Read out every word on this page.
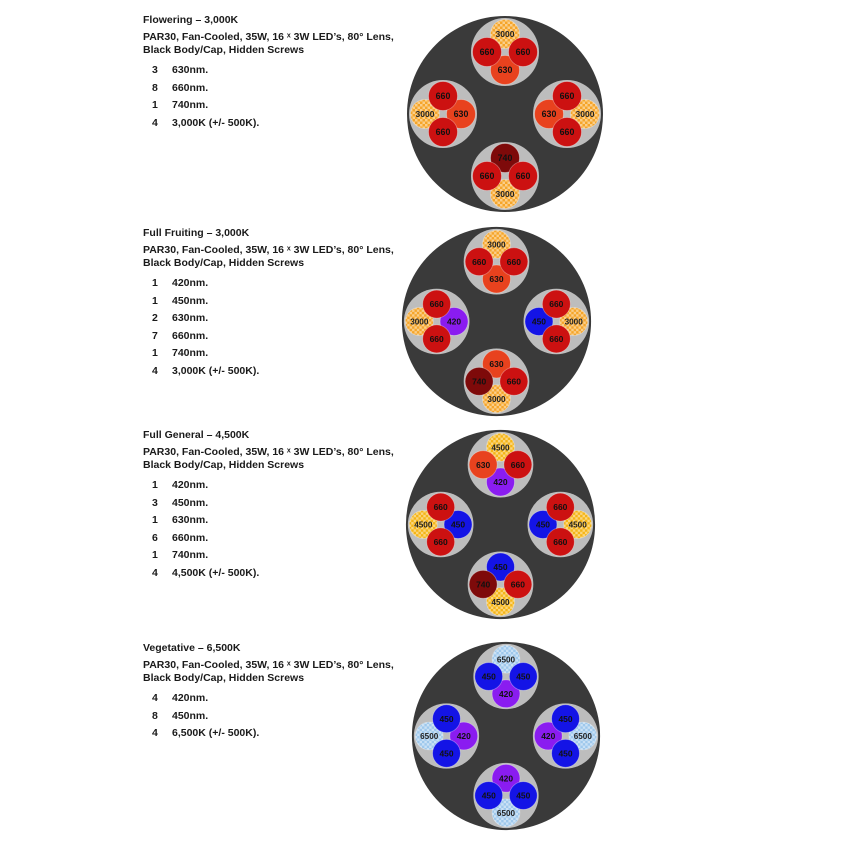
Flowering – 3,000K
PAR30, Fan-Cooled, 35W, 16 ˣ 3W LED’s, 80° Lens,
Black Body/Cap, Hidden Screws
3 630nm.
8 660nm.
1 740nm.
4 3,000K (+/- 500K).
3000
630
660 660
3000
630
660
660
3000
740
660
660
3000 630
660
660
Full Fruiting – 3,000K
PAR30, Fan-Cooled, 35W, 16 ˣ 3W LED’s, 80° Lens,
Black Body/Cap, Hidden Screws
1 420nm.
1 450nm.
2 630nm.
7 660nm.
1 740nm.
4 3,000K (+/- 500K).
3000
630
660 660
3000
450
660
660
3000
630
660
740
3000 420
660
660
Full General – 4,500K
PAR30, Fan-Cooled, 35W, 16 ˣ 3W LED’s, 80° Lens,
Black Body/Cap, Hidden Screws
1 420nm.
3 450nm.
1 630nm.
6 660nm.
1 740nm.
4 4,500K (+/- 500K).
4500
420
630 660
4500
450
660
660
4500
450
660
740
4500 450
660
660
Vegetative – 6,500K
PAR30, Fan-Cooled, 35W, 16 ˣ 3W LED’s, 80° Lens,
Black Body/Cap, Hidden Screws
4 420nm.
8 450nm.
4 6,500K (+/- 500K).
6500
420
450 450
6500
420
450
450
6500
420
450
450
6500 420
450
450
